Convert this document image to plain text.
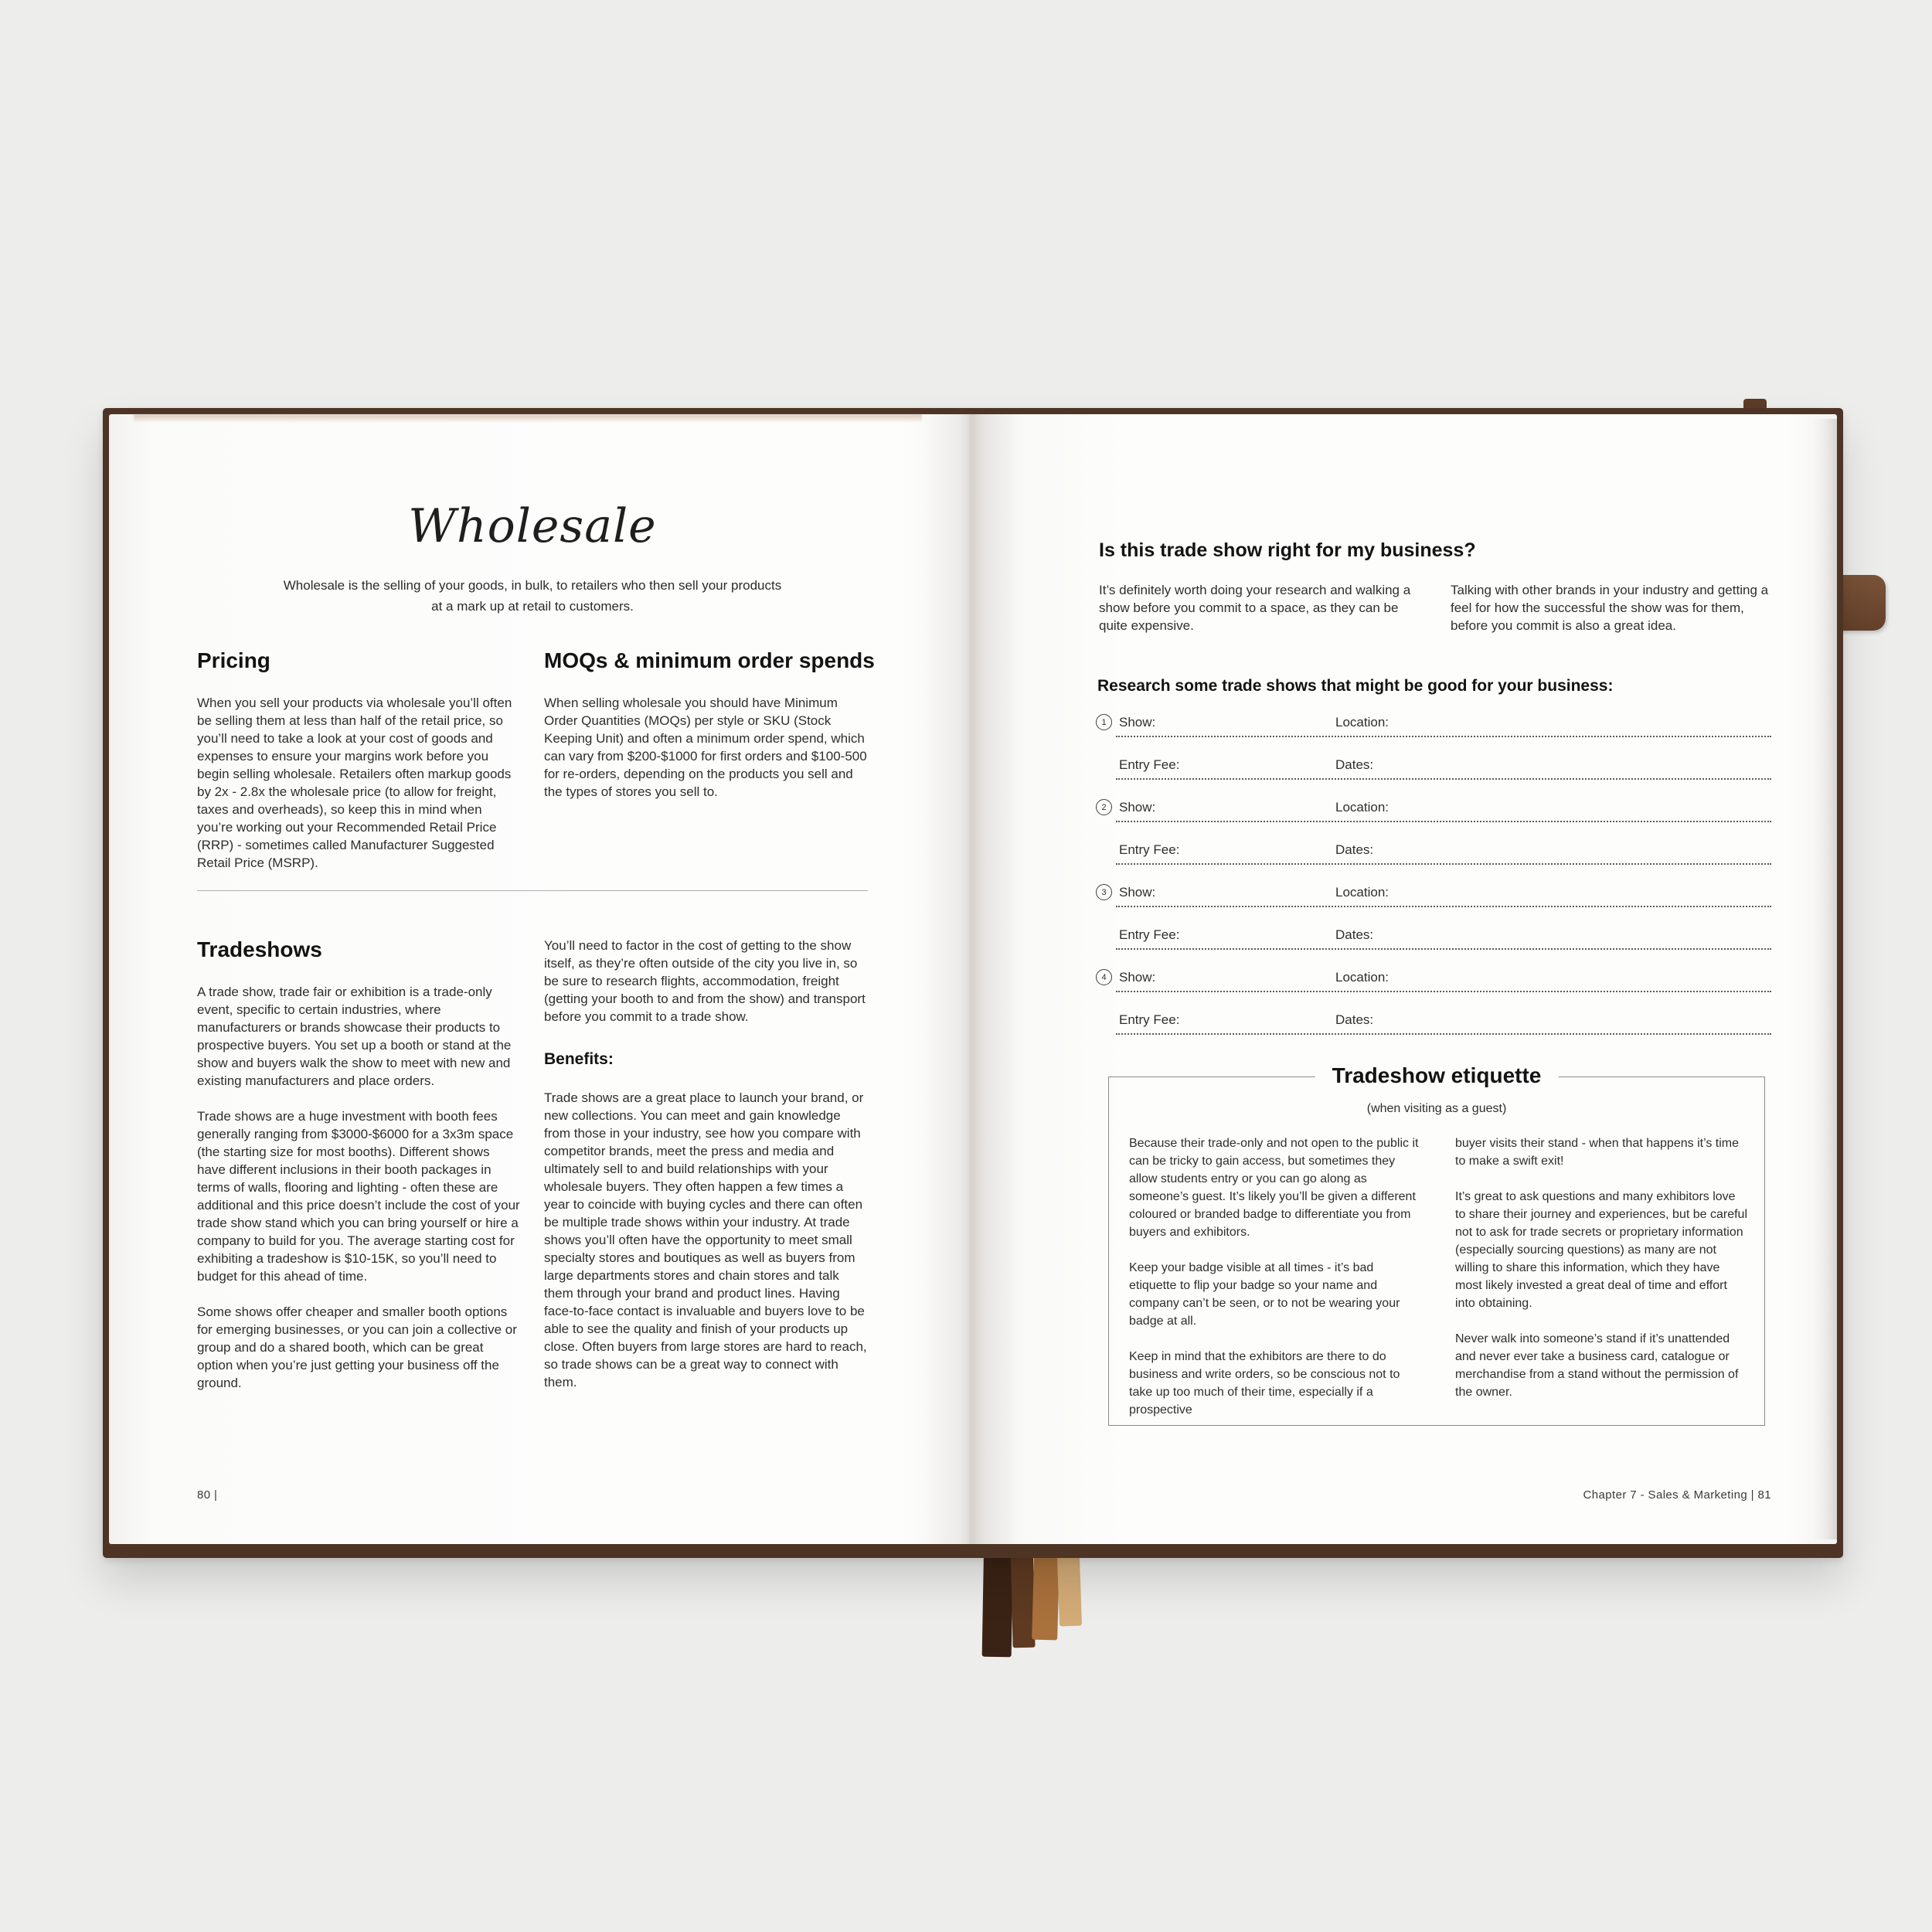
Wholesale
Wholesale is the selling of your goods, in bulk, to retailers who then sell your products
at a mark up at retail to customers.
Pricing

When you sell your products via wholesale you’ll often be selling them at less than half of the retail price, so you’ll need to take a look at your cost of goods and expenses to ensure your margins work before you begin selling wholesale. Retailers often markup goods by 2x - 2.8x the wholesale price (to allow for freight, taxes and overheads), so keep this in mind when you’re working out your Recommended Retail Price (RRP) - sometimes called Manufacturer Suggested Retail Price (MSRP).

MOQs & minimum order spends

When selling wholesale you should have Minimum Order Quantities (MOQs) per style or SKU (Stock Keeping Unit) and often a minimum order spend, which can vary from $200-$1000 for first orders and $100-500 for re-orders, depending on the products you sell and the types of stores you sell to.

Tradeshows

A trade show, trade fair or exhibition is a trade-only event, specific to certain industries, where manufacturers or brands showcase their products to prospective buyers. You set up a booth or stand at the show and buyers walk the show to meet with new and existing manufacturers and place orders.

Trade shows are a huge investment with booth fees generally ranging from $3000-$6000 for a 3x3m space (the starting size for most booths). Different shows have different inclusions in their booth packages in terms of walls, flooring and lighting - often these are additional and this price doesn’t include the cost of your trade show stand which you can bring yourself or hire a company to build for you. The average starting cost for exhibiting a tradeshow is $10-15K, so you’ll need to budget for this ahead of time.

Some shows offer cheaper and smaller booth options for emerging businesses, or you can join a collective or group and do a shared booth, which can be great option when you’re just getting your business off the ground.

You’ll need to factor in the cost of getting to the show itself, as they’re often outside of the city you live in, so be sure to research flights, accommodation, freight (getting your booth to and from the show) and transport before you commit to a trade show.

Benefits:

Trade shows are a great place to launch your brand, or new collections. You can meet and gain knowledge from those in your industry, see how you compare with competitor brands, meet the press and media and ultimately sell to and build relationships with your wholesale buyers. They often happen a few times a year to coincide with buying cycles and there can often be multiple trade shows within your industry. At trade shows you’ll often have the opportunity to meet small specialty stores and boutiques as well as buyers from large departments stores and chain stores and talk them through your brand and product lines. Having face-to-face contact is invaluable and buyers love to be able to see the quality and finish of your products up close. Often buyers from large stores are hard to reach, so trade shows can be a great way to connect with them.

80 |
Is this trade show right for my business?

It’s definitely worth doing your research and walking a show before you commit to a space, as they can be quite expensive.

Talking with other brands in your industry and getting a feel for how the successful the show was for them, before you commit is also a great idea.

Research some trade shows that might be good for your business:
1 Show:	Location:
Entry Fee:	Dates:
2 Show:	Location:
Entry Fee:	Dates:
3 Show:	Location:
Entry Fee:	Dates:
4 Show:	Location:
Entry Fee:	Dates:
Tradeshow etiquette
(when visiting as a guest)

Because their trade-only and not open to the public it can be tricky to gain access, but sometimes they allow students entry or you can go along as someone’s guest. It’s likely you’ll be given a different coloured or branded badge to differentiate you from buyers and exhibitors.

Keep your badge visible at all times - it’s bad etiquette to flip your badge so your name and company can’t be seen, or to not be wearing your badge at all.

Keep in mind that the exhibitors are there to do business and write orders, so be conscious not to take up too much of their time, especially if a prospective

buyer visits their stand - when that happens it’s time to make a swift exit!

It’s great to ask questions and many exhibitors love to share their journey and experiences, but be careful not to ask for trade secrets or proprietary information (especially sourcing questions) as many are not willing to share this information, which they have most likely invested a great deal of time and effort into obtaining.

Never walk into someone’s stand if it’s unattended and never ever take a business card, catalogue or merchandise from a stand without the permission of the owner.

Chapter 7 - Sales & Marketing | 81
